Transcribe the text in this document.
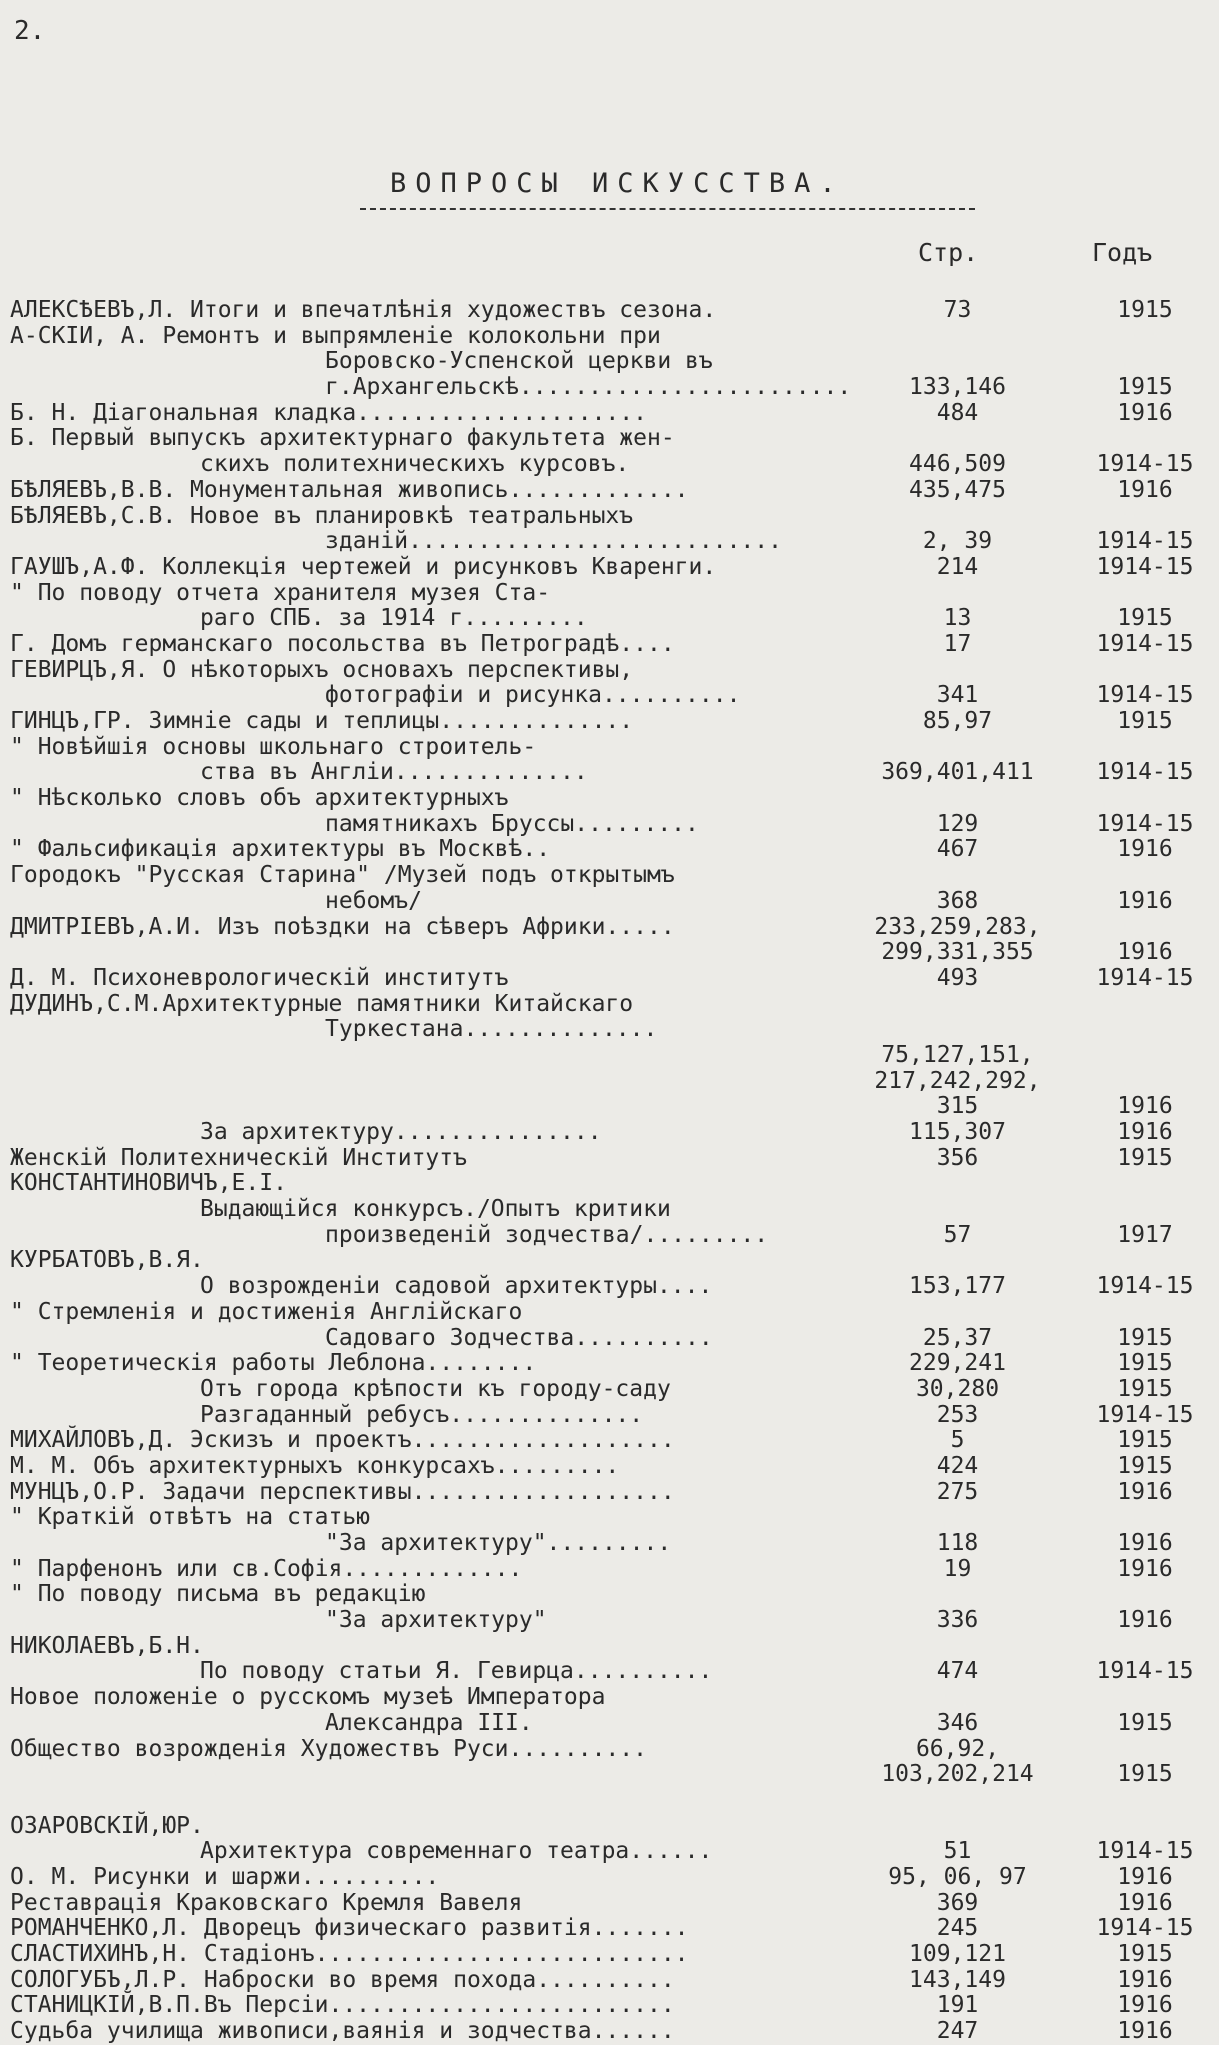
2.
ВОПРОСЫ ИСКУССТВА.
Стр.	Годъ
АЛЕКСѢЕВЪ,Л. Итоги и впечатлѣнія художествъ сезона.	73	1915
А-СКІИ, А. Ремонтъ и выпрямленіе колокольни при
Боровско-Успенской церкви въ
г.Архангельскѣ........................	133,146	1915
Б. Н. Діагональная кладка.....................	484	1916
Б. Первый выпускъ архитектурнаго факультета жен-
скихъ политехническихъ курсовъ.	446,509	1914-15
БѢЛЯЕВЪ,В.В. Монументальная живопись.............	435,475	1916
БѢЛЯЕВЪ,С.В. Новое въ планировкѣ театральныхъ
зданій...........................	2, 39	1914-15
ГАУШЪ,А.Ф. Коллекція чертежей и рисунковъ Кваренги.	214	1914-15
" По поводу отчета хранителя музея Ста-
раго СПБ. за 1914 г.........	13	1915
Г. Домъ германскаго посольства въ Петроградѣ....	17	1914-15
ГЕВИРЦЪ,Я. О нѣкоторыхъ основахъ перспективы,
фотографіи и рисунка..........	341	1914-15
ГИНЦЪ,ГР. Зимніе сады и теплицы..............	85,97	1915
" Новѣйшія основы школьнаго строитель-
ства въ Англіи..............	369,401,411	1914-15
" Нѣсколько словъ объ архитектурныхъ
памятникахъ Бруссы.........	129	1914-15
" Фальсификація архитектуры въ Москвѣ..	467	1916
Городокъ "Русская Старина" /Музей подъ открытымъ
небомъ/	368	1916
ДМИТРІЕВЪ,А.И. Изъ поѣздки на сѣверъ Африки.....	233,259,283,
299,331,355	1916
Д. М. Психоневрологическій институтъ	493	1914-15
ДУДИНЪ,С.М.Архитектурные памятники Китайскаго
Туркестана..............
75,127,151,
217,242,292,
315	1916
За архитектуру...............	115,307	1916
Женскій Политехническій Институтъ	356	1915
КОНСТАНТИНОВИЧЪ,Е.І.
Выдающійся конкурсъ./Опытъ критики
произведеній зодчества/.........	57	1917
КУРБАТОВЪ,В.Я.
О возрожденіи садовой архитектуры....	153,177	1914-15
" Стремленія и достиженія Англійскаго
Садоваго Зодчества..........	25,37	1915
" Теоретическія работы Леблона........	229,241	1915
Отъ города крѣпости къ городу-саду	30,280	1915
Разгаданный ребусъ..............	253	1914-15
МИХАЙЛОВЪ,Д. Эскизъ и проектъ...................	5	1915
М. М. Объ архитектурныхъ конкурсахъ.........	424	1915
МУНЦЪ,О.Р. Задачи перспективы...................	275	1916
" Краткій отвѣтъ на статью
"За архитектуру".........	118	1916
" Парфенонъ или св.Софія.............	19	1916
" По поводу письма въ редакцію
"За архитектуру"	336	1916
НИКОЛАЕВЪ,Б.Н.
По поводу статьи Я. Гевирца..........	474	1914-15
Новое положеніе о русскомъ музеѣ Императора
Александра III.	346	1915
Общество возрожденія Художествъ Руси..........	66,92,
103,202,214	1915
ОЗАРОВСКІЙ,ЮР.
Архитектура современнаго театра......	51	1914-15
О. М. Рисунки и шаржи..........	95, 06, 97	1916
Реставрація Краковскаго Кремля Вавеля	369	1916
РОМАНЧЕНКО,Л. Дворецъ физическаго развитія.......	245	1914-15
СЛАСТИХИНЪ,Н. Стадіонъ...........................	109,121	1915
СОЛОГУБЪ,Л.Р. Наброски во время похода..........	143,149	1916
СТАНИЦКІЙ,В.П.Въ Персіи.........................	191	1916
Судьба училища живописи,ваянія и зодчества......	247	1916
